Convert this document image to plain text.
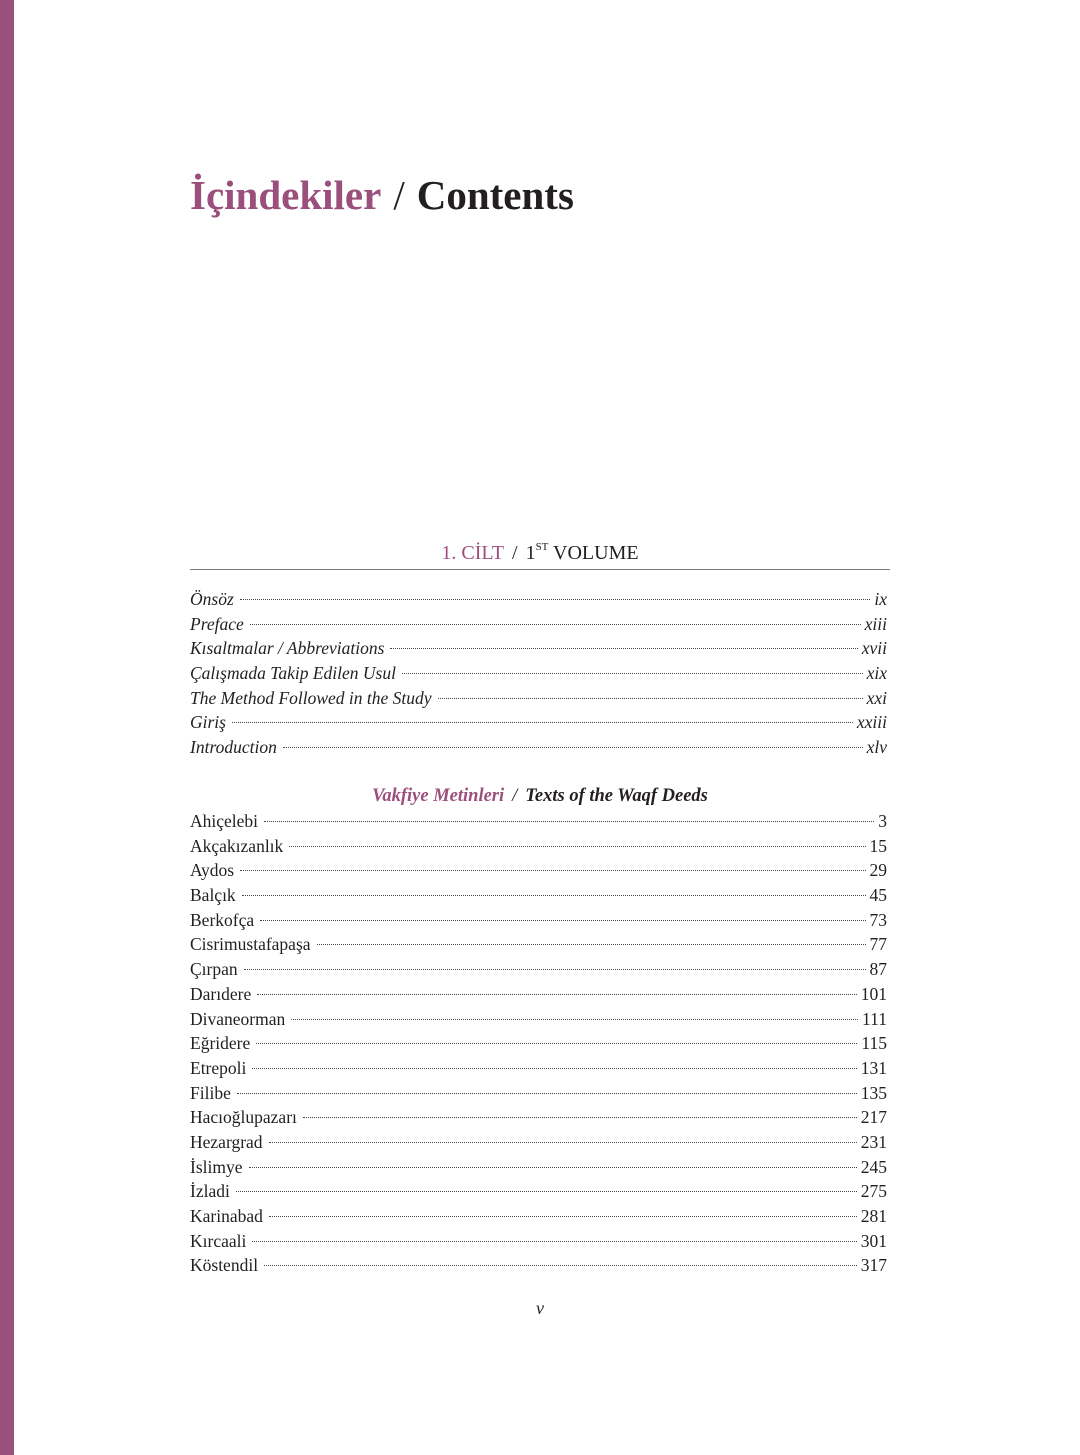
İçindekiler / Contents
1. CİLT / 1ST VOLUME
Önsöz	ix
Preface	xiii
Kısaltmalar / Abbreviations	xvii
Çalışmada Takip Edilen Usul	xix
The Method Followed in the Study	xxi
Giriş	xxiii
Introduction	xlv
Vakfiye Metinleri / Texts of the Waqf Deeds
Ahiçelebi	3
Akçakızanlık	15
Aydos	29
Balçık	45
Berkofça	73
Cisrimustafapaşa	77
Çırpan	87
Darıdere	101
Divaneorman	111
Eğridere	115
Etrepoli	131
Filibe	135
Hacıoğlupazarı	217
Hezargrad	231
İslimye	245
İzladi	275
Karinabad	281
Kırcaali	301
Köstendil	317
v
